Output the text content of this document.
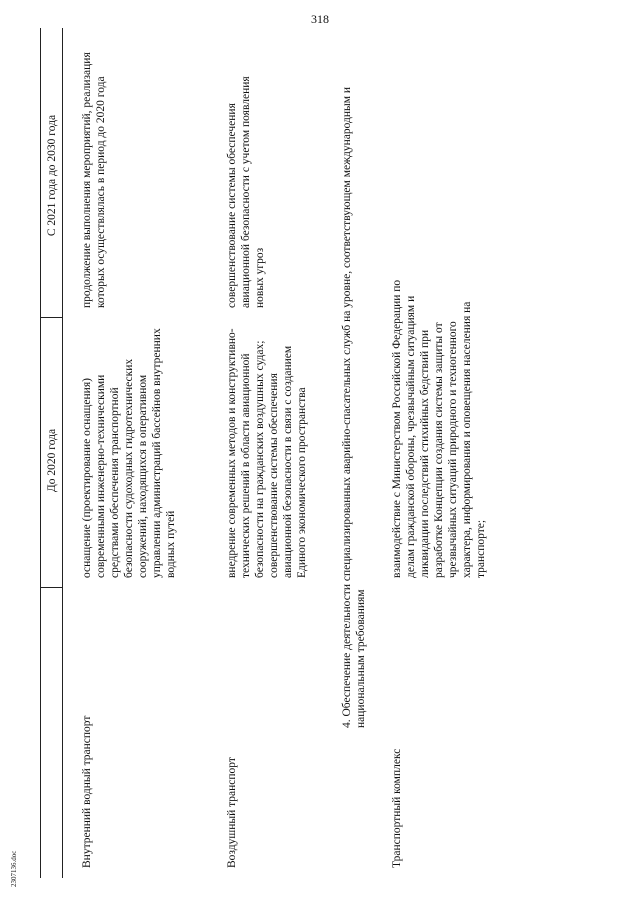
318
2307136.doc
До 2020 года
С 2021 года до 2030 года
Внутренний водный транспорт
оснащение (проектирование оснащения) современными инженерно-техническими средствами обеспечения транспортной безопасности судоходных гидротехнических сооружений, находящихся в оперативном управлении администраций бассейнов внутренних водных путей
продолжение выполнения мероприятий, реализация которых осуществлялась в период до 2020 года
Воздушный транспорт
внедрение современных методов и конструктивно-технических решений в области авиационной безопасности на гражданских воздушных судах; совершенствование системы обеспечения авиационной безопасности в связи с созданием Единого экономического пространства
совершенствование системы обеспечения авиационной безопасности с учетом появления новых угроз	4. Обеспечение деятельности специализированных аварийно-спасательных служб на уровне, соответствующем международным и национальным требованиям
Транспортный комплекс
взаимодействие с Министерством Российской Федерации по делам гражданской обороны, чрезвычайным ситуациям и ликвидации последствий стихийных бедствий при разработке Концепции создания системы защиты от чрезвычайных ситуаций природного и техногенного характера, информирования и оповещения населения на транспорте;
